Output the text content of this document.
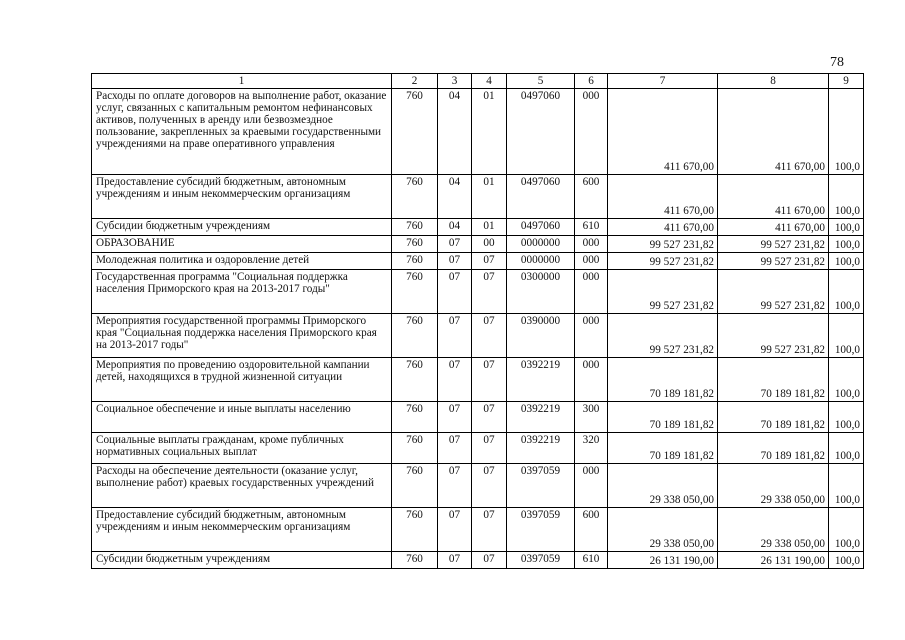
78
1	2	3	4	5	6	7	8	9
Расходы по оплате договоров на выполнение работ, оказание услуг, связанных с капитальным ремонтом нефинансовых активов, полученных в аренду или безвозмездное пользование, закрепленных за краевыми государственными учреждениями на праве оперативного управления	760	04	01	0497060	000	411 670,00	411 670,00	100,0
Предоставление субсидий бюджетным, автономным учреждениям и иным некоммерческим организациям	760	04	01	0497060	600	411 670,00	411 670,00	100,0
Субсидии бюджетным учреждениям	760	04	01	0497060	610	411 670,00	411 670,00	100,0
ОБРАЗОВАНИЕ	760	07	00	0000000	000	99 527 231,82	99 527 231,82	100,0
Молодежная политика и оздоровление детей	760	07	07	0000000	000	99 527 231,82	99 527 231,82	100,0
Государственная программа "Социальная поддержка населения Приморского края на 2013-2017 годы"	760	07	07	0300000	000	99 527 231,82	99 527 231,82	100,0
Мероприятия государственной программы Приморского края "Социальная поддержка населения Приморского края на 2013-2017 годы"	760	07	07	0390000	000	99 527 231,82	99 527 231,82	100,0
Мероприятия по проведению оздоровительной кампании детей, находящихся в трудной жизненной ситуации	760	07	07	0392219	000	70 189 181,82	70 189 181,82	100,0
Социальное обеспечение и иные выплаты населению	760	07	07	0392219	300	70 189 181,82	70 189 181,82	100,0
Социальные выплаты гражданам, кроме публичных нормативных социальных выплат	760	07	07	0392219	320	70 189 181,82	70 189 181,82	100,0
Расходы на обеспечение деятельности (оказание услуг, выполнение работ) краевых государственных учреждений	760	07	07	0397059	000	29 338 050,00	29 338 050,00	100,0
Предоставление субсидий бюджетным, автономным учреждениям и иным некоммерческим организациям	760	07	07	0397059	600	29 338 050,00	29 338 050,00	100,0
Субсидии бюджетным учреждениям	760	07	07	0397059	610	26 131 190,00	26 131 190,00	100,0
